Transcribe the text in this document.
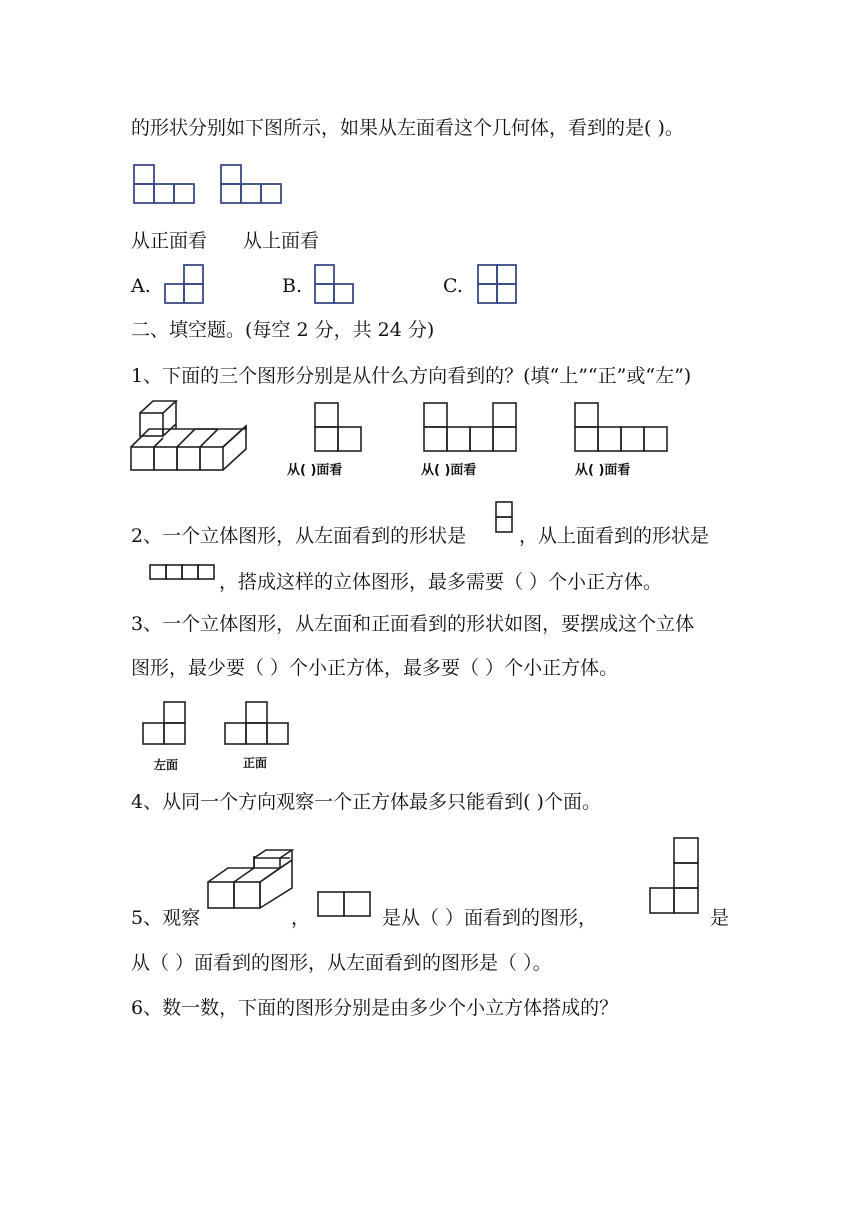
的形状分别如下图所示，如果从左面看这个几何体，看到的是( )。
从正面看 从上面看
A.	B.	C.
二、填空题。(每空 2 分，共 24 分)
1、下面的三个图形分别是从什么方向看到的？(填“上”“正”或“左”)
从( )面看	从( )面看	从( )面看
2、一个立体图形，从左面看到的形状是	，从上面看到的形状是
，搭成这样的立体图形，最多需要（ ）个小正方体。
3、一个立体图形，从左面和正面看到的形状如图，要摆成这个立体
图形，最少要（ ）个小正方体，最多要（ ）个小正方体。
左面	正面
4、从同一个方向观察一个正方体最多只能看到( )个面。
5、观察	，	是从（ ）面看到的图形，	是
从（ ）面看到的图形，从左面看到的图形是（ ）。
6、数一数，下面的图形分别是由多少个小立方体搭成的？
